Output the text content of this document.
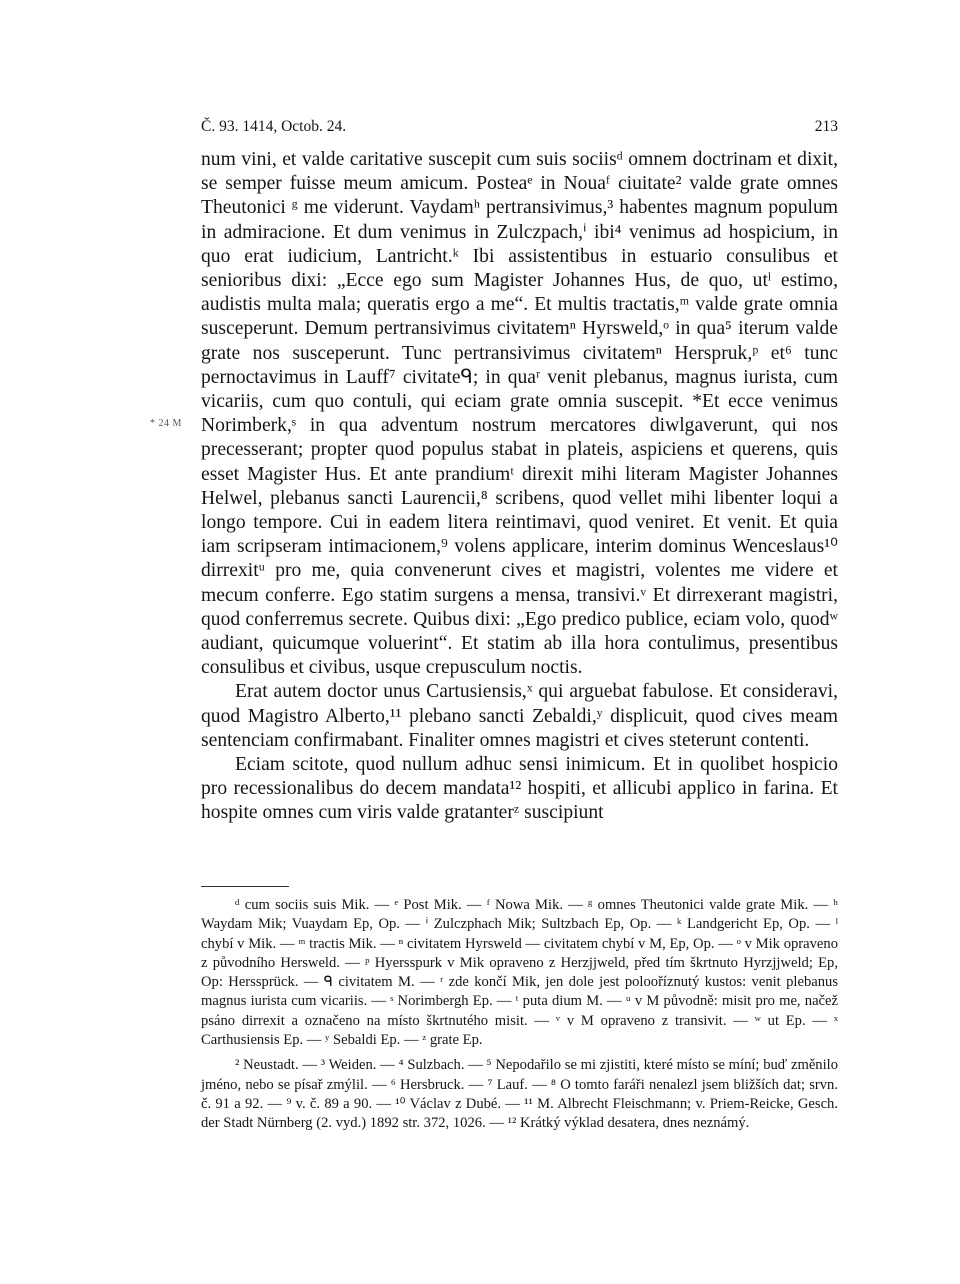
Č. 93. 1414, Octob. 24.	213
* 24 M

num vini, et valde caritative suscepit cum suis sociisᵈ omnem doctrinam et dixit, se semper fuisse meum amicum. Posteaᵉ in Nouaᶠ ciuitate² valde grate omnes Theutonici ᵍ me viderunt. Vaydamʰ pertransivimus,³ habentes magnum populum in admiracione. Et dum venimus in Zulczpach,ⁱ ibi⁴ venimus ad hospicium, in quo erat iudicium, Lantricht.ᵏ Ibi assistentibus in estuario consulibus et senioribus dixi: „Ecce ego sum Magister Johannes Hus, de quo, utˡ estimo, audistis multa mala; queratis ergo a me“. Et multis tractatis,ᵐ valde grate omnia susceperunt. Demum pertransivimus civitatemⁿ Hyrsweld,ᵒ in qua⁵ iterum valde grate nos susceperunt. Tunc pertransivimus civitatemⁿ Herspruk,ᵖ et⁶ tunc pernoctavimus in Lauff⁷ civitateᑫ; in quaʳ venit plebanus, magnus iurista, cum vicariis, cum quo contuli, qui eciam grate omnia suscepit. *Et ecce venimus Norimberk,ˢ in qua adventum nostrum mercatores diwlgaverunt, qui nos precesserant; propter quod populus stabat in plateis, aspiciens et querens, quis esset Magister Hus. Et ante prandiumᵗ direxit mihi literam Magister Johannes Helwel, plebanus sancti Laurencii,⁸ scribens, quod vellet mihi libenter loqui a longo tempore. Cui in eadem litera reintimavi, quod veniret. Et venit. Et quia iam scripseram intimacionem,⁹ volens applicare, interim dominus Wenceslaus¹⁰ dirrexitᵘ pro me, quia convenerunt cives et magistri, volentes me videre et mecum conferre. Ego statim surgens a mensa, transivi.ᵛ Et dirrexerant magistri, quod conferremus secrete. Quibus dixi: „Ego predico publice, eciam volo, quodʷ audiant, quicumque voluerint“. Et statim ab illa hora contulimus, presentibus consulibus et civibus, usque crepusculum noctis.

Erat autem doctor unus Cartusiensis,ˣ qui arguebat fabulose. Et consideravi, quod Magistro Alberto,¹¹ plebano sancti Zebaldi,ʸ displicuit, quod cives meam sentenciam confirmabant. Finaliter omnes magistri et cives steterunt contenti.

Eciam scitote, quod nullum adhuc sensi inimicum. Et in quolibet hospicio pro recessionalibus do decem mandata¹² hospiti, et allicubi applico in farina. Et hospite omnes cum viris valde gratanterᶻ suscipiunt

ᵈ cum sociis suis Mik. — ᵉ Post Mik. — ᶠ Nowa Mik. — ᵍ omnes Theutonici valde grate Mik. — ʰ Waydam Mik; Vuaydam Ep, Op. — ⁱ Zulczphach Mik; Sultzbach Ep, Op. — ᵏ Landgericht Ep, Op. — ˡ chybí v Mik. — ᵐ tractis Mik. — ⁿ civitatem Hyrsweld — civitatem chybí v M, Ep, Op. — ᵒ v Mik opraveno z původního Hersweld. — ᵖ Hyersspurk v Mik opraveno z Herzjjweld, před tím škrtnuto Hyrzjjweld; Ep, Op: Herssprück. — ᑫ civitatem M. — ʳ zde končí Mik, jen dole jest polooříznutý kustos: venit plebanus magnus iurista cum vicariis. — ˢ Norimbergh Ep. — ᵗ puta dium M. — ᵘ v M původně: misit pro me, načež psáno dirrexit a označeno na místo škrtnutého misit. — ᵛ v M opraveno z transivit. — ʷ ut Ep. — ˣ Carthusiensis Ep. — ʸ Sebaldi Ep. — ᶻ grate Ep.

² Neustadt. — ³ Weiden. — ⁴ Sulzbach. — ⁵ Nepodařilo se mi zjistiti, které místo se míní; buď změnilo jméno, nebo se písař zmýlil. — ⁶ Hersbruck. — ⁷ Lauf. — ⁸ O tomto faráři nenalezl jsem bližších dat; srvn. č. 91 a 92. — ⁹ v. č. 89 a 90. — ¹⁰ Václav z Dubé. — ¹¹ M. Albrecht Fleischmann; v. Priem-Reicke, Gesch. der Stadt Nürnberg (2. vyd.) 1892 str. 372, 1026. — ¹² Krátký výklad desatera, dnes neznámý.
